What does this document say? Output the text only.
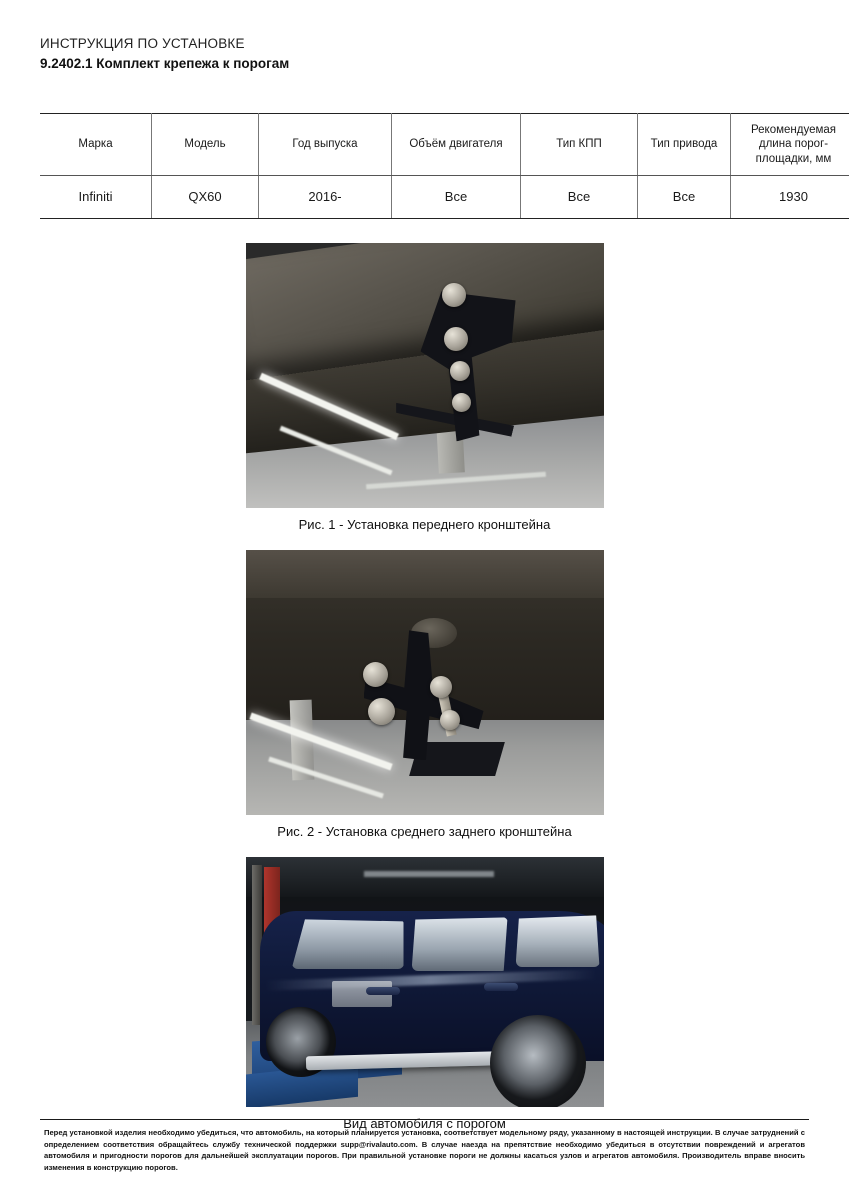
ИНСТРУКЦИЯ ПО УСТАНОВКЕ
9.2402.1 Комплект крепежа к порогам
Марка	Модель	Год выпуска	Объём двигателя	Тип КПП	Тип привода	Рекомендуемая длина порог-площадки, мм
Infiniti	QX60	2016-	Все	Все	Все	1930
Рис. 1 - Установка переднего кронштейна
Рис. 2 - Установка среднего заднего кронштейна
Вид автомобиля с порогом
Перед установкой изделия необходимо убедиться, что автомобиль, на который планируется установка, соответствует модельному ряду, указанному в настоящей инструкции. В случае затруднений с определением соответствия обращайтесь службу технической поддержки supp@rivalauto.com. В случае наезда на препятствие необходимо убедиться в отсутствии повреждений и агрегатов автомобиля и пригодности порогов для дальнейшей эксплуатации порогов. При правильной установке пороги не должны касаться узлов и агрегатов автомобиля. Производитель вправе вносить изменения в конструкцию порогов.
